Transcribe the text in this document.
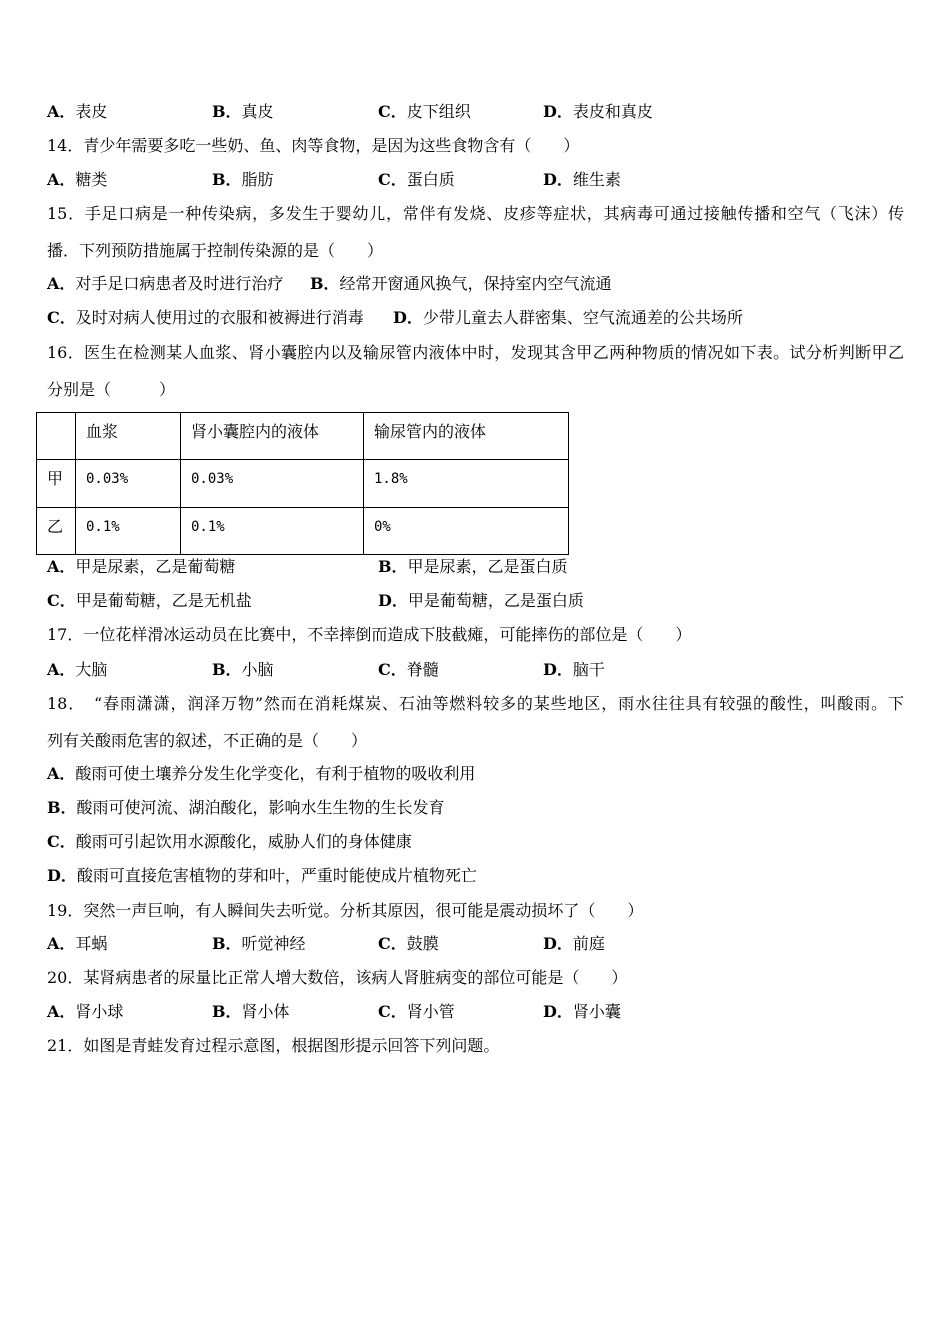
A．表皮	B．真皮	C．皮下组织	D．表皮和真皮
14．青少年需要多吃一些奶、鱼、肉等食物，是因为这些食物含有（　　）
A．糖类	B．脂肪	C．蛋白质	D．维生素
15．手足口病是一种传染病，多发生于婴幼儿，常伴有发烧、皮疹等症状，其病毒可通过接触传播和空气（飞沫）传
播．下列预防措施属于控制传染源的是（　　）
A．对手足口病患者及时进行治疗 B．经常开窗通风换气，保持室内空气流通
C．及时对病人使用过的衣服和被褥进行消毒 D．少带儿童去人群密集、空气流通差的公共场所
16．医生在检测某人血浆、肾小囊腔内以及输尿管内液体中时，发现其含甲乙两种物质的情况如下表。试分析判断甲乙
分别是（　　　）
	血浆	肾小囊腔内的液体	输尿管内的液体
甲	0.03%	0.03%	1.8%
乙	0.1%	0.1%	0%
A．甲是尿素，乙是葡萄糖	B．甲是尿素，乙是蛋白质
C．甲是葡萄糖，乙是无机盐	D．甲是葡萄糖，乙是蛋白质
17．一位花样滑冰运动员在比赛中，不幸摔倒而造成下肢截瘫，可能摔伤的部位是（　　）
A．大脑	B．小脑	C．脊髓	D．脑干
18．　“春雨潇潇，润泽万物”然而在消耗煤炭、石油等燃料较多的某些地区，雨水往往具有较强的酸性，叫酸雨。下
列有关酸雨危害的叙述，不正确的是（　　）
A．酸雨可使土壤养分发生化学变化，有利于植物的吸收利用
B．酸雨可使河流、湖泊酸化，影响水生生物的生长发育
C．酸雨可引起饮用水源酸化，威胁人们的身体健康
D．酸雨可直接危害植物的芽和叶，严重时能使成片植物死亡
19．突然一声巨响，有人瞬间失去听觉。分析其原因，很可能是震动损坏了（　　）
A．耳蜗	B．听觉神经	C．鼓膜	D．前庭
20．某肾病患者的尿量比正常人增大数倍，该病人肾脏病变的部位可能是（　　）
A．肾小球	B．肾小体	C．肾小管	D．肾小囊
21．如图是青蛙发育过程示意图，根据图形提示回答下列问题。
